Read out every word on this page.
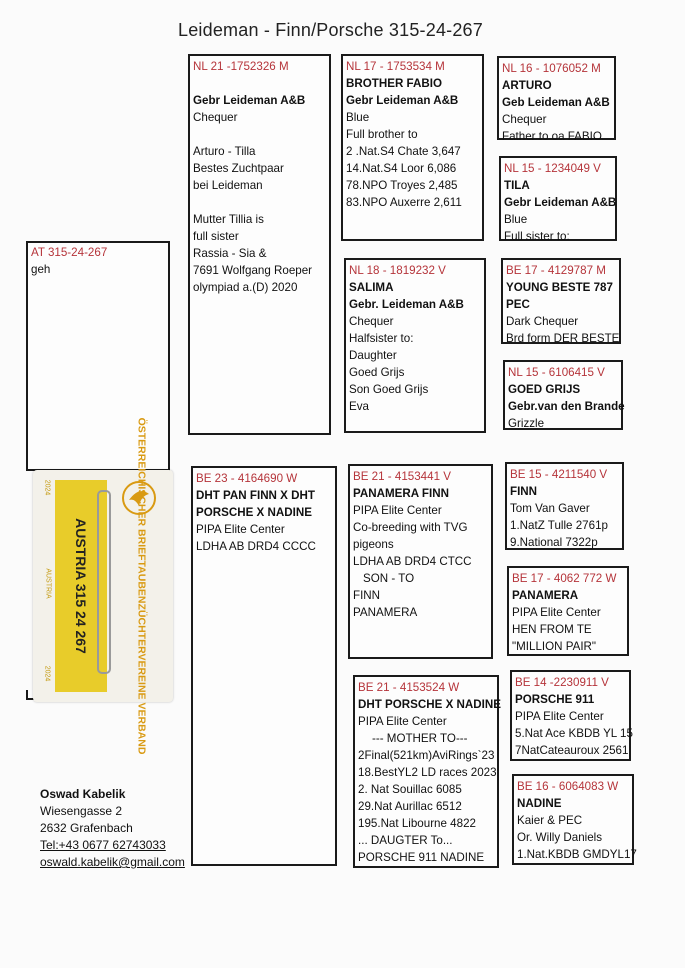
Leideman - Finn/Porsche 315-24-267
AT 315-24-267
geh
AUSTRIA 315 24 267
2024
2024
AUSTRIA	ÖSTERREICHISCHER BRIEFTAUBENZÜCHTERVEREINE VERBAND
NL 21 -1752326 M
Gebr Leideman A&B
Chequer
Arturo - Tilla
Bestes Zuchtpaar
bei Leideman
Mutter Tillia is
full sister
Rassia - Sia &
7691 Wolfgang Roeper
olympiad a.(D) 2020
BE 23 - 4164690 W
DHT PAN FINN X DHT
PORSCHE X NADINE
PIPA Elite Center
LDHA AB DRD4 CCCC
NL 17 - 1753534 M
BROTHER FABIO
Gebr Leideman A&B
Blue
Full brother to
2 .Nat.S4 Chate 3,647
14.Nat.S4 Loor 6,086
78.NPO Troyes 2,485
83.NPO Auxerre 2,611
NL 18 - 1819232 V
SALIMA
Gebr. Leideman A&B
Chequer
Halfsister to:
Daughter
Goed Grijs
Son Goed Grijs
Eva
BE 21 - 4153441 V
PANAMERA FINN
PIPA Elite Center
Co-breeding with TVG
pigeons
LDHA AB DRD4 CTCC
SON - TO
FINN
PANAMERA
BE 21 - 4153524 W
DHT PORSCHE X NADINE
PIPA Elite Center
--- MOTHER TO---
2Final(521km)AviRings`23
18.BestYL2 LD races 2023
2. Nat Souillac 6085
29.Nat Aurillac 6512
195.Nat Libourne 4822
... DAUGTER To...
PORSCHE 911 NADINE
NL 16 - 1076052 M
ARTURO
Geb Leideman A&B
Chequer
Father to oa FABIO
NL 15 - 1234049 V
TILA
Gebr Leideman A&B
Blue
Full sister to:
BE 17 - 4129787 M
YOUNG BESTE 787
PEC
Dark Chequer
Brd form DER BESTE
NL 15 - 6106415 V
GOED GRIJS
Gebr.van den Brande
Grizzle
BE 15 - 4211540 V
FINN
Tom Van Gaver
1.NatZ Tulle 2761p
9.National 7322p
BE 17 - 4062 772 W
PANAMERA
PIPA Elite Center
HEN FROM TE
"MILLION PAIR"
BE 14 -2230911 V
PORSCHE 911
PIPA Elite Center
5.Nat Ace KBDB YL 15
7NatCateauroux 2561
BE 16 - 6064083 W
NADINE
Kaier & PEC
Or. Willy Daniels
1.Nat.KBDB GMDYL17
Oswad Kabelik
Wiesengasse 2
2632 Grafenbach
Tel:+43 0677 62743033
oswald.kabelik@gmail.com
